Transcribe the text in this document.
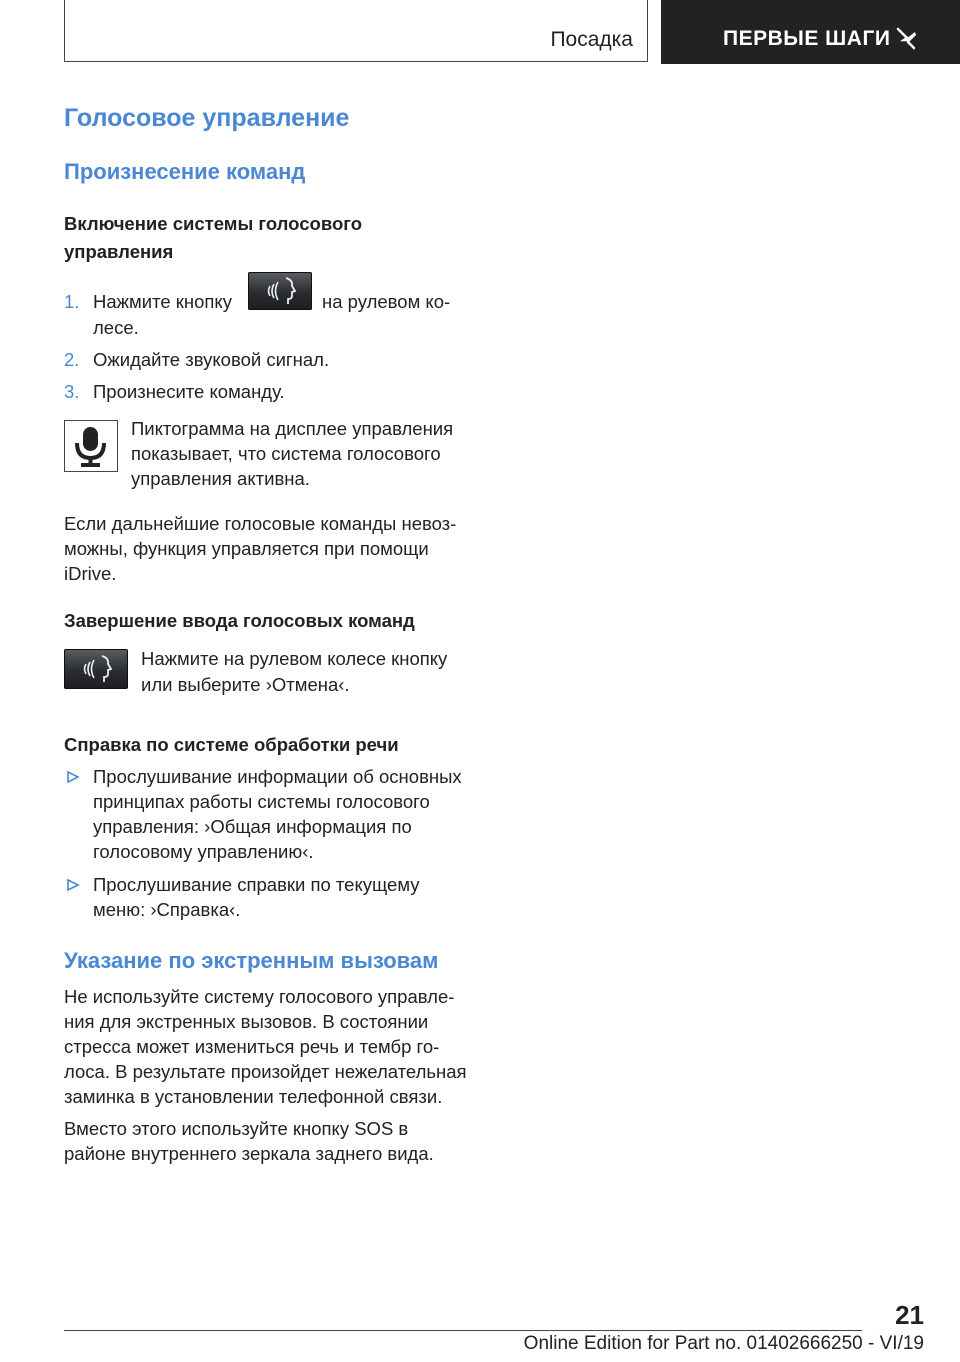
Посадка	ПЕРВЫЕ ШАГИ
Голосовое управление
Произнесение команд
Включение системы голосового
управления
1. Нажмите кнопку	на рулевом ко-
лесе.
2. Ожидайте звуковой сигнал.
3. Произнесите команду.
Пиктограмма на дисплее управления
показывает, что система голосового
управления активна.
Если дальнейшие голосовые команды невоз-
можны, функция управляется при помощи
iDrive.
Завершение ввода голосовых команд
Нажмите на рулевом колесе кнопку
или выберите ›Отмена‹.
Справка по системе обработки речи
Прослушивание информации об основных
принципах работы системы голосового
управления: ›Общая информация по
голосовому управлению‹.
Прослушивание справки по текущему
меню: ›Справка‹.
Указание по экстренным вызовам
Не используйте систему голосового управле-
ния для экстренных вызовов. В состоянии
стресса может измениться речь и тембр го-
лоса. В результате произойдет нежелательная
заминка в установлении телефонной связи.
Вместо этого используйте кнопку SOS в
районе внутреннего зеркала заднего вида.
21
Online Edition for Part no. 01402666250 - VI/19
